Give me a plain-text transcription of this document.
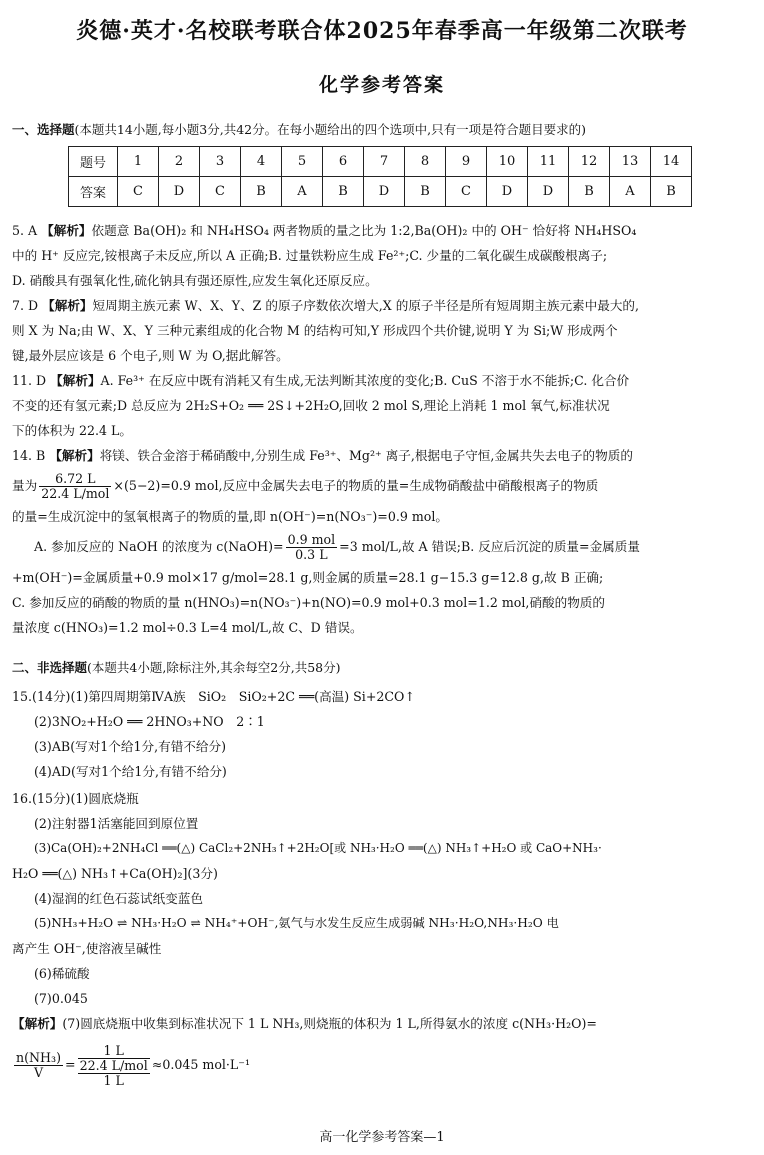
炎德·英才·名校联考联合体2025年春季高一年级第二次联考
化学参考答案
一、选择题(本题共14小题,每小题3分,共42分。在每小题给出的四个选项中,只有一项是符合题目要求的)
题号	1	2	3	4	5	6	7	8	9	10	11	12	13	14
答案	C	D	C	B	A	B	D	B	C	D	D	B	A	B

5. A 【解析】依题意 Ba(OH)₂ 和 NH₄HSO₄ 两者物质的量之比为 1:2,Ba(OH)₂ 中的 OH⁻ 恰好将 NH₄HSO₄

中的 H⁺ 反应完,铵根离子未反应,所以 A 正确;B. 过量铁粉应生成 Fe²⁺;C. 少量的二氧化碳生成碳酸根离子;

D. 硝酸具有强氧化性,硫化钠具有强还原性,应发生氧化还原反应。

7. D 【解析】短周期主族元素 W、X、Y、Z 的原子序数依次增大,X 的原子半径是所有短周期主族元素中最大的,

则 X 为 Na;由 W、X、Y 三种元素组成的化合物 M 的结构可知,Y 形成四个共价键,说明 Y 为 Si;W 形成两个

键,最外层应该是 6 个电子,则 W 为 O,据此解答。

11. D 【解析】A. Fe³⁺ 在反应中既有消耗又有生成,无法判断其浓度的变化;B. CuS 不溶于水不能拆;C. 化合价

不变的还有氢元素;D 总反应为 2H₂S+O₂ ══ 2S↓+2H₂O,回收 2 mol S,理论上消耗 1 mol 氧气,标准状况

下的体积为 22.4 L。

14. B 【解析】将镁、铁合金溶于稀硝酸中,分别生成 Fe³⁺、Mg²⁺ 离子,根据电子守恒,金属共失去电子的物质的

量为 $\frac{6.72 L}{\text{22.4 L/mol}} \times(5-2)=0.9$ mol,反应中金属失去电子的物质的量=生成物硝酸盐中硝酸根离子的物质

的量=生成沉淀中的氢氧根离子的物质的量,即 n(OH⁻)=n(NO₃⁻)=0.9 mol。

A. 参加反应的 NaOH 的浓度为 c(NaOH)= $\frac{\text{0.9 mol}}{0.3 L} =3$ mol/L,故 A 错误;B. 反应后沉淀的质量=金属质量

+m(OH⁻)=金属质量+0.9 mol×17 g/mol=28.1 g,则金属的质量=28.1 g−15.3 g=12.8 g,故 B 正确;

C. 参加反应的硝酸的物质的量 n(HNO₃)=n(NO₃⁻)+n(NO)=0.9 mol+0.3 mol=1.2 mol,硝酸的物质的

量浓度 c(HNO₃)=1.2 mol÷0.3 L=4 mol/L,故 C、D 错误。

二、非选择题(本题共4小题,除标注外,其余每空2分,共58分)

15.(14分)(1)第四周期第ⅣA族　SiO₂　SiO₂+2C ══(高温) Si+2CO↑

(2)3NO₂+H₂O ══ 2HNO₃+NO　2∶1

(3)AB(写对1个给1分,有错不给分)

(4)AD(写对1个给1分,有错不给分)

16.(15分)(1)圆底烧瓶

(2)注射器1活塞能回到原位置

(3)Ca(OH)₂+2NH₄Cl ══(△) CaCl₂+2NH₃↑+2H₂O[或 NH₃·H₂O ══(△) NH₃↑+H₂O 或 CaO+NH₃·

H₂O ══(△) NH₃↑+Ca(OH)₂](3分)

(4)湿润的红色石蕊试纸变蓝色

(5)NH₃+H₂O ⇌ NH₃·H₂O ⇌ NH₄⁺+OH⁻,氨气与水发生反应生成弱碱 NH₃·H₂O,NH₃·H₂O 电

离产生 OH⁻,使溶液呈碱性

(6)稀硫酸

(7)0.045

【解析】(7)圆底烧瓶中收集到标准状况下 1 L NH₃,则烧瓶的体积为 1 L,所得氨水的浓度 c(NH₃·H₂O)=

$\frac{\text{n(NH₃)}}{V}$ =
1 L
22.4 L/mol
1 L
≈0.045 mol·L⁻¹

高一化学参考答案—1
